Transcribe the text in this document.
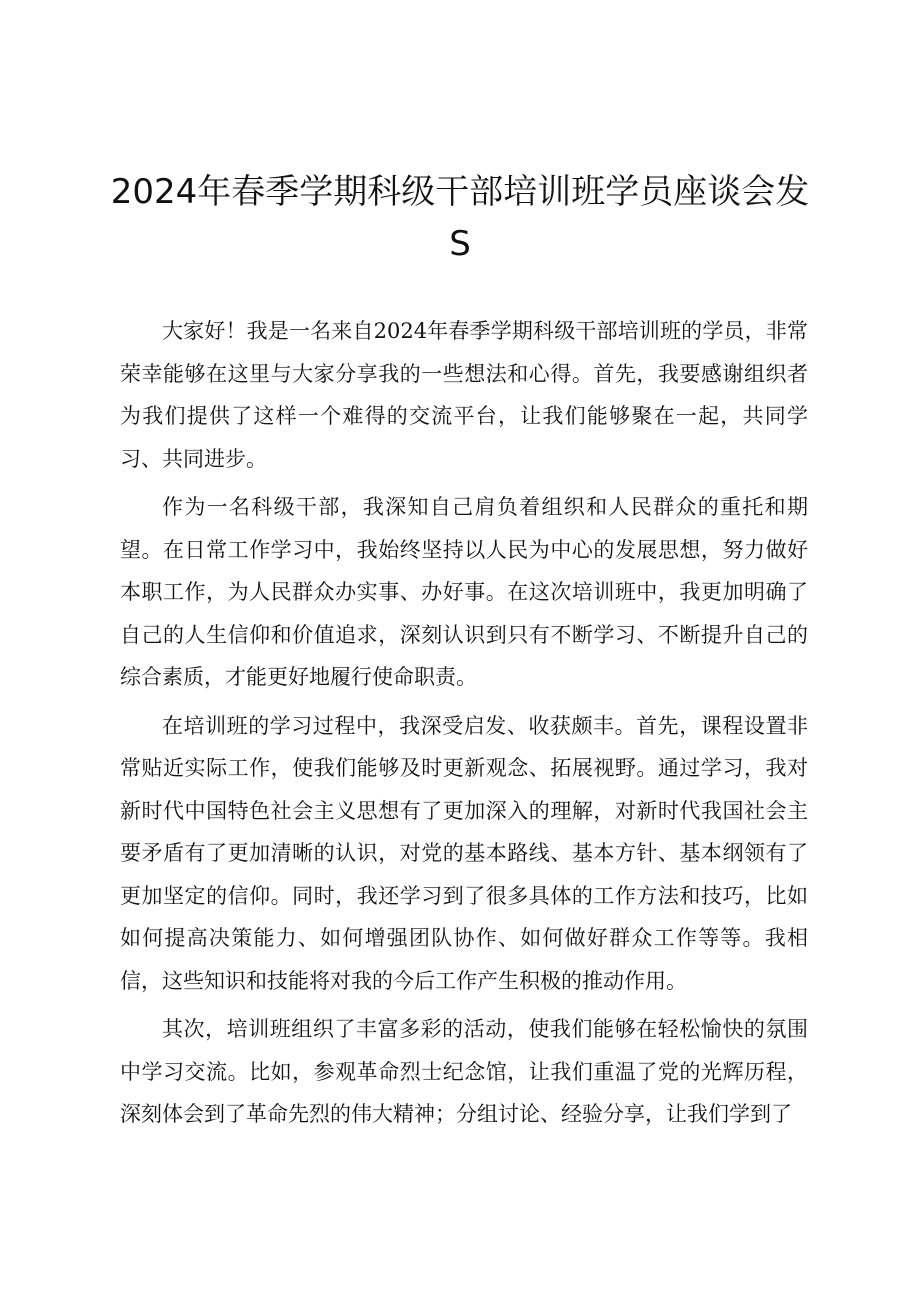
2024年春季学期科级干部培训班学员座谈会发S

大家好！我是一名来自2024年春季学期科级干部培训班的学员，非常荣幸能够在这里与大家分享我的一些想法和心得。首先，我要感谢组织者为我们提供了这样一个难得的交流平台，让我们能够聚在一起，共同学习、共同进步。

作为一名科级干部，我深知自己肩负着组织和人民群众的重托和期望。在日常工作学习中，我始终坚持以人民为中心的发展思想，努力做好本职工作，为人民群众办实事、办好事。在这次培训班中，我更加明确了自己的人生信仰和价值追求，深刻认识到只有不断学习、不断提升自己的综合素质，才能更好地履行使命职责。

在培训班的学习过程中，我深受启发、收获颇丰。首先，课程设置非常贴近实际工作，使我们能够及时更新观念、拓展视野。通过学习，我对新时代中国特色社会主义思想有了更加深入的理解，对新时代我国社会主要矛盾有了更加清晰的认识，对党的基本路线、基本方针、基本纲领有了更加坚定的信仰。同时，我还学习到了很多具体的工作方法和技巧，比如如何提高决策能力、如何增强团队协作、如何做好群众工作等等。我相信，这些知识和技能将对我的今后工作产生积极的推动作用。

其次，培训班组织了丰富多彩的活动，使我们能够在轻松愉快的氛围中学习交流。比如，参观革命烈士纪念馆，让我们重温了党的光辉历程，深刻体会到了革命先烈的伟大精神；分组讨论、经验分享，让我们学到了
